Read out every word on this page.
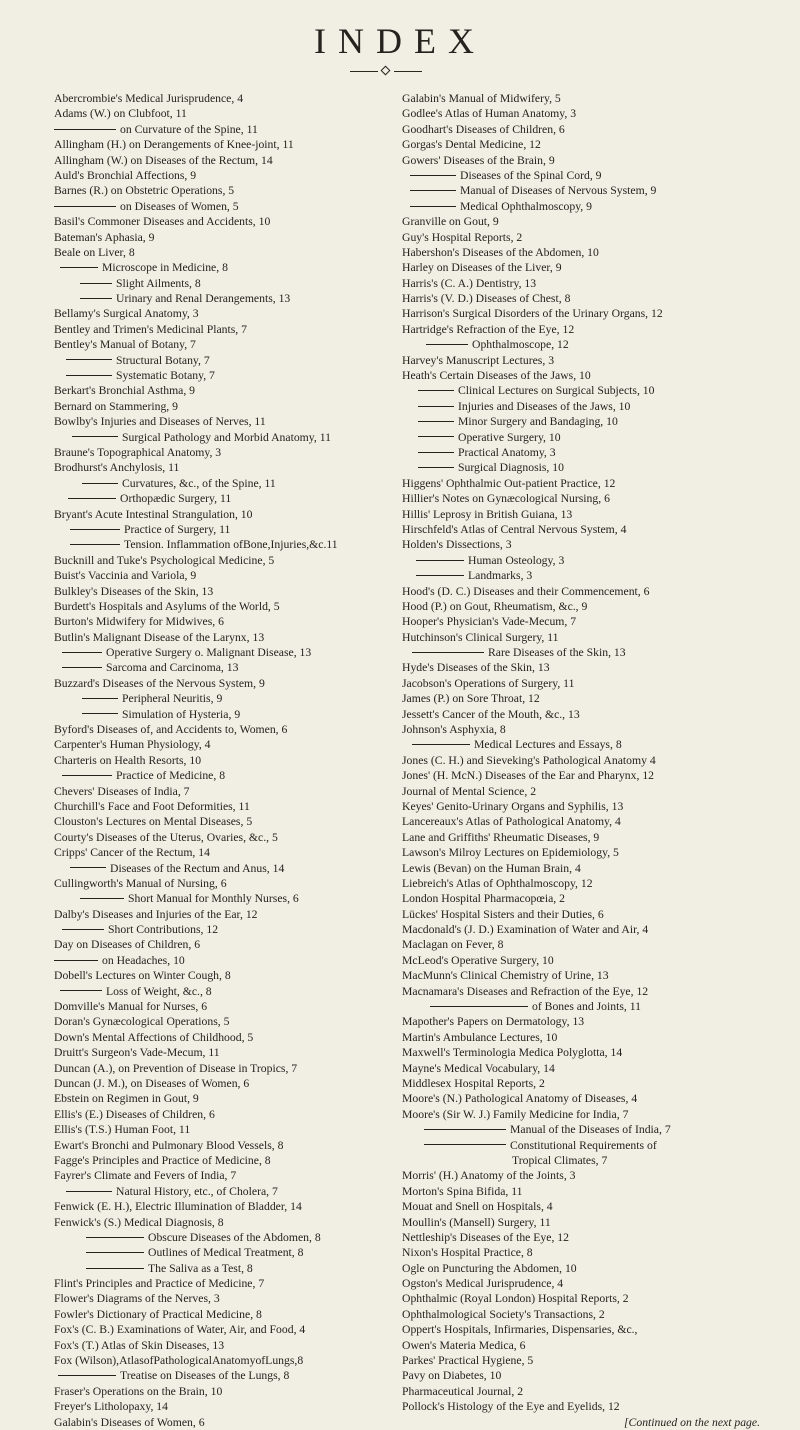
INDEX
Abercrombie's Medical Jurisprudence, 4
Adams (W.) on Clubfoot, 11
on Curvature of the Spine, 11
Allingham (H.) on Derangements of Knee-joint, 11
Allingham (W.) on Diseases of the Rectum, 14
Auld's Bronchial Affections, 9
Barnes (R.) on Obstetric Operations, 5
on Diseases of Women, 5
Basil's Commoner Diseases and Accidents, 10
Bateman's Aphasia, 9
Beale on Liver, 8
Microscope in Medicine, 8
Slight Ailments, 8
Urinary and Renal Derangements, 13
Bellamy's Surgical Anatomy, 3
Bentley and Trimen's Medicinal Plants, 7
Bentley's Manual of Botany, 7
Structural Botany, 7
Systematic Botany, 7
Berkart's Bronchial Asthma, 9
Bernard on Stammering, 9
Bowlby's Injuries and Diseases of Nerves, 11
Surgical Pathology and Morbid Anatomy, 11
Braune's Topographical Anatomy, 3
Brodhurst's Anchylosis, 11
Curvatures, &c., of the Spine, 11
Orthopædic Surgery, 11
Bryant's Acute Intestinal Strangulation, 10
Practice of Surgery, 11
Tension. Inflammation ofBone,Injuries,&c.11
Bucknill and Tuke's Psychological Medicine, 5
Buist's Vaccinia and Variola, 9
Bulkley's Diseases of the Skin, 13
Burdett's Hospitals and Asylums of the World, 5
Burton's Midwifery for Midwives, 6
Butlin's Malignant Disease of the Larynx, 13
Operative Surgery o. Malignant Disease, 13
Sarcoma and Carcinoma, 13
Buzzard's Diseases of the Nervous System, 9
Peripheral Neuritis, 9
Simulation of Hysteria, 9
Byford's Diseases of, and Accidents to, Women, 6
Carpenter's Human Physiology, 4
Charteris on Health Resorts, 10
Practice of Medicine, 8
Chevers' Diseases of India, 7
Churchill's Face and Foot Deformities, 11
Clouston's Lectures on Mental Diseases, 5
Courty's Diseases of the Uterus, Ovaries, &c., 5
Cripps' Cancer of the Rectum, 14
Diseases of the Rectum and Anus, 14
Cullingworth's Manual of Nursing, 6
Short Manual for Monthly Nurses, 6
Dalby's Diseases and Injuries of the Ear, 12
Short Contributions, 12
Day on Diseases of Children, 6
on Headaches, 10
Dobell's Lectures on Winter Cough, 8
Loss of Weight, &c., 8
Domville's Manual for Nurses, 6
Doran's Gynæcological Operations, 5
Down's Mental Affections of Childhood, 5
Druitt's Surgeon's Vade-Mecum, 11
Duncan (A.), on Prevention of Disease in Tropics, 7
Duncan (J. M.), on Diseases of Women, 6
Ebstein on Regimen in Gout, 9
Ellis's (E.) Diseases of Children, 6
Ellis's (T.S.) Human Foot, 11
Ewart's Bronchi and Pulmonary Blood Vessels, 8
Fagge's Principles and Practice of Medicine, 8
Fayrer's Climate and Fevers of India, 7
Natural History, etc., of Cholera, 7
Fenwick (E. H.), Electric Illumination of Bladder, 14
Fenwick's (S.) Medical Diagnosis, 8
Obscure Diseases of the Abdomen, 8
Outlines of Medical Treatment, 8
The Saliva as a Test, 8
Flint's Principles and Practice of Medicine, 7
Flower's Diagrams of the Nerves, 3
Fowler's Dictionary of Practical Medicine, 8
Fox's (C. B.) Examinations of Water, Air, and Food, 4
Fox's (T.) Atlas of Skin Diseases, 13
Fox (Wilson),AtlasofPathologicalAnatomyofLungs,8
Treatise on Diseases of the Lungs, 8
Fraser's Operations on the Brain, 10
Freyer's Litholopaxy, 14
Galabin's Diseases of Women, 6
Galabin's Manual of Midwifery, 5
Godlee's Atlas of Human Anatomy, 3
Goodhart's Diseases of Children, 6
Gorgas's Dental Medicine, 12
Gowers' Diseases of the Brain, 9
Diseases of the Spinal Cord, 9
Manual of Diseases of Nervous System, 9
Medical Ophthalmoscopy, 9
Granville on Gout, 9
Guy's Hospital Reports, 2
Habershon's Diseases of the Abdomen, 10
Harley on Diseases of the Liver, 9
Harris's (C. A.) Dentistry, 13
Harris's (V. D.) Diseases of Chest, 8
Harrison's Surgical Disorders of the Urinary Organs, 12
Hartridge's Refraction of the Eye, 12
Ophthalmoscope, 12
Harvey's Manuscript Lectures, 3
Heath's Certain Diseases of the Jaws, 10
Clinical Lectures on Surgical Subjects, 10
Injuries and Diseases of the Jaws, 10
Minor Surgery and Bandaging, 10
Operative Surgery, 10
Practical Anatomy, 3
Surgical Diagnosis, 10
Higgens' Ophthalmic Out-patient Practice, 12
Hillier's Notes on Gynæcological Nursing, 6
Hillis' Leprosy in British Guiana, 13
Hirschfeld's Atlas of Central Nervous System, 4
Holden's Dissections, 3
Human Osteology, 3
Landmarks, 3
Hood's (D. C.) Diseases and their Commencement, 6
Hood (P.) on Gout, Rheumatism, &c., 9
Hooper's Physician's Vade-Mecum, 7
Hutchinson's Clinical Surgery, 11
Rare Diseases of the Skin, 13
Hyde's Diseases of the Skin, 13
Jacobson's Operations of Surgery, 11
James (P.) on Sore Throat, 12
Jessett's Cancer of the Mouth, &c., 13
Johnson's Asphyxia, 8
Medical Lectures and Essays, 8
Jones (C. H.) and Sieveking's Pathological Anatomy 4
Jones' (H. McN.) Diseases of the Ear and Pharynx, 12
Journal of Mental Science, 2
Keyes' Genito-Urinary Organs and Syphilis, 13
Lancereaux's Atlas of Pathological Anatomy, 4
Lane and Griffiths' Rheumatic Diseases, 9
Lawson's Milroy Lectures on Epidemiology, 5
Lewis (Bevan) on the Human Brain, 4
Liebreich's Atlas of Ophthalmoscopy, 12
London Hospital Pharmacopœia, 2
Lückes' Hospital Sisters and their Duties, 6
Macdonald's (J. D.) Examination of Water and Air, 4
Maclagan on Fever, 8
McLeod's Operative Surgery, 10
MacMunn's Clinical Chemistry of Urine, 13
Macnamara's Diseases and Refraction of the Eye, 12
of Bones and Joints, 11
Mapother's Papers on Dermatology, 13
Martin's Ambulance Lectures, 10
Maxwell's Terminologia Medica Polyglotta, 14
Mayne's Medical Vocabulary, 14
Middlesex Hospital Reports, 2
Moore's (N.) Pathological Anatomy of Diseases, 4
Moore's (Sir W. J.) Family Medicine for India, 7
Manual of the Diseases of India, 7
Constitutional Requirements of
Tropical Climates, 7
Morris' (H.) Anatomy of the Joints, 3
Morton's Spina Bifida, 11
Mouat and Snell on Hospitals, 4
Moullin's (Mansell) Surgery, 11
Nettleship's Diseases of the Eye, 12
Nixon's Hospital Practice, 8
Ogle on Puncturing the Abdomen, 10
Ogston's Medical Jurisprudence, 4
Ophthalmic (Royal London) Hospital Reports, 2
Ophthalmological Society's Transactions, 2
Oppert's Hospitals, Infirmaries, Dispensaries, &c.,
Owen's Materia Medica, 6
Parkes' Practical Hygiene, 5
Pavy on Diabetes, 10
Pharmaceutical Journal, 2
Pollock's Histology of the Eye and Eyelids, 12
[Continued on the next page.
